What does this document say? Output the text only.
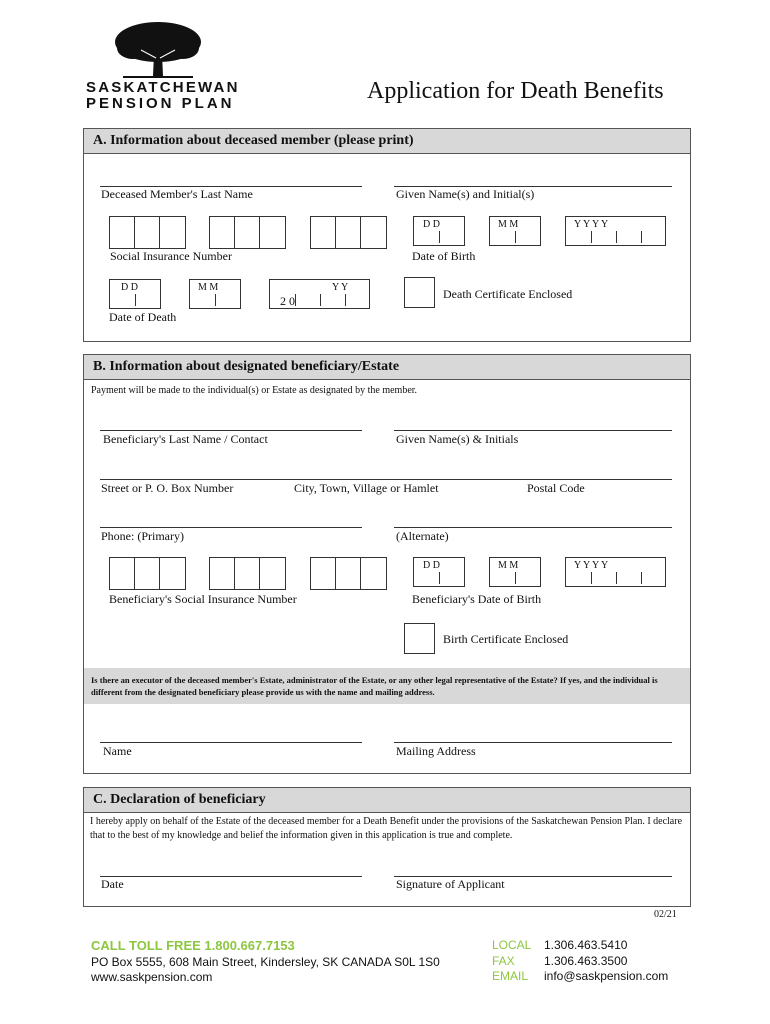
SASKATCHEWAN
PENSION PLAN	Application for Death Benefits
A. Information about deceased member (please print)
Deceased Member's Last Name	Given Name(s) and Initial(s)
Social Insurance Number
D D	M M	Y Y Y Y
Date of Birth
D D	M M	Y Y
2 0
Date of Death
Death Certificate Enclosed
B. Information about designated beneficiary/Estate
Payment will be made to the individual(s) or Estate as designated by the member.
Beneficiary's Last Name / Contact	Given Name(s) & Initials
Street or P. O. Box Number	City, Town, Village or Hamlet	Postal Code
Phone: (Primary)	(Alternate)
Beneficiary's Social Insurance Number
D D	M M	Y Y Y Y
Beneficiary's Date of Birth
Birth Certificate Enclosed
Is there an executor of the deceased member's Estate, administrator of the Estate, or any other legal representative of the Estate? If yes, and the individual is different from the designated beneficiary please provide us with the name and mailing address.
Name	Mailing Address
C. Declaration of beneficiary
I hereby apply on behalf of the Estate of the deceased member for a Death Benefit under the provisions of the Saskatchewan Pension Plan. I declare that to the best of my knowledge and belief the information given in this application is true and complete.
Date	Signature of Applicant
02/21
CALL TOLL FREE 1.800.667.7153
PO Box 5555, 608 Main Street, Kindersley, SK CANADA S0L 1S0
www.saskpension.com
LOCAL 1.306.463.5410
FAX 1.306.463.3500
EMAIL info@saskpension.com
